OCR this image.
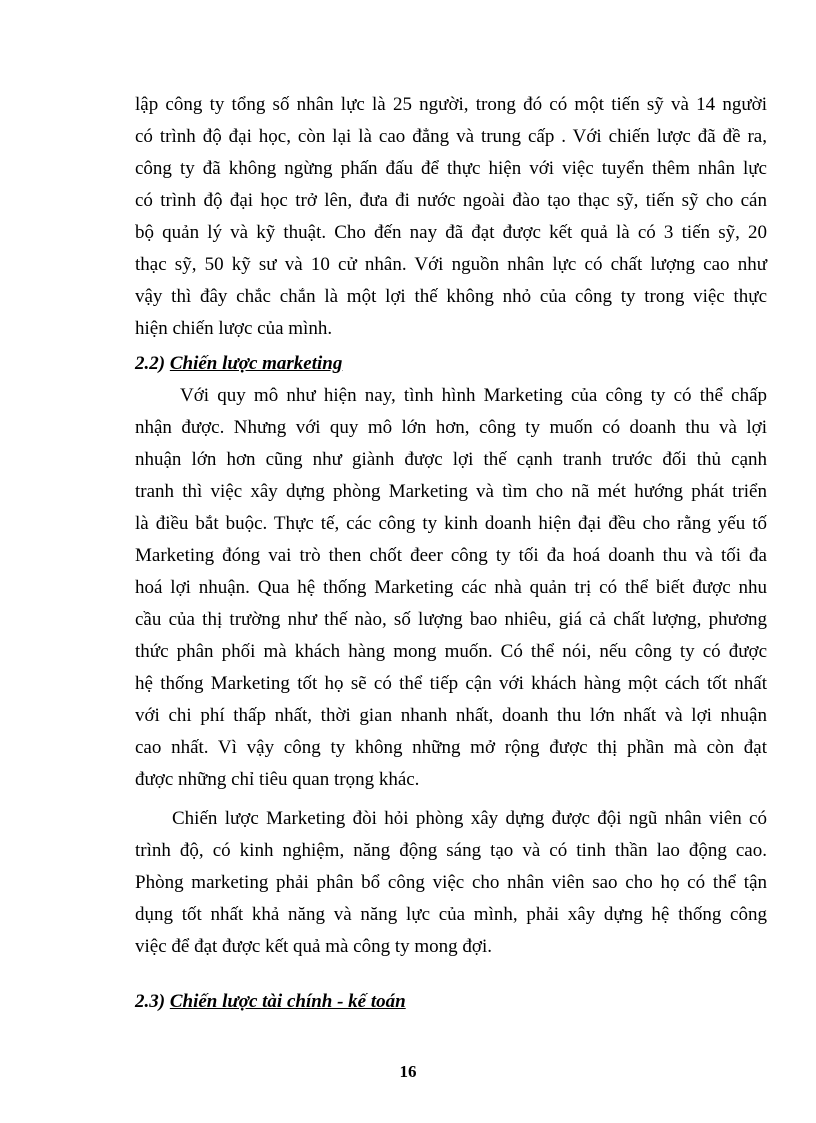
lập công ty tổng số nhân lực là 25 người, trong đó có một tiến sỹ và 14 người
có trình độ đại học, còn lại là cao đẳng và trung cấp . Với chiến lược đã đề ra,
công ty đã không ngừng phấn đấu để thực hiện với việc tuyển thêm nhân lực
có trình độ đại học trở lên, đưa đi nước ngoài đào tạo thạc sỹ, tiến sỹ cho cán
bộ quản lý và kỹ thuật. Cho đến nay đã đạt được kết quả là có 3 tiến sỹ, 20
thạc sỹ, 50 kỹ sư và 10 cử nhân. Với nguồn nhân lực có chất lượng cao như
vậy thì đây chắc chắn là một lợi thế không nhỏ của công ty trong việc thực
hiện chiến lược của mình.
2.2) Chiến lược marketing
Với quy mô như hiện nay, tình hình Marketing của công ty có thể chấp
nhận được. Nhưng với quy mô lớn hơn, công ty muốn có doanh thu và lợi
nhuận lớn hơn cũng như giành được lợi thế cạnh tranh trước đối thủ cạnh
tranh thì việc xây dựng phòng Marketing và tìm cho nã mét hướng phát triển
là điều bắt buộc. Thực tế, các công ty kinh doanh hiện đại đều cho rằng yếu tố
Marketing đóng vai trò then chốt đeer công ty tối đa hoá doanh thu và tối đa
hoá lợi nhuận. Qua hệ thống Marketing các nhà quản trị có thể biết được nhu
cầu của thị trường như thế nào, số lượng bao nhiêu, giá cả chất lượng, phương
thức phân phối mà khách hàng mong muốn. Có thể nói, nếu công ty có được
hệ thống Marketing tốt họ sẽ có thể tiếp cận với khách hàng một cách tốt nhất
với chi phí thấp nhất, thời gian nhanh nhất, doanh thu lớn nhất và lợi nhuận
cao nhất. Vì vậy công ty không những mở rộng được thị phần mà còn đạt
được những chỉ tiêu quan trọng khác.
Chiến lược Marketing đòi hỏi phòng xây dựng được đội ngũ nhân viên có
trình độ, có kinh nghiệm, năng động sáng tạo và có tinh thần lao động cao.
Phòng marketing phải phân bổ công việc cho nhân viên sao cho họ có thể tận
dụng tốt nhất khả năng và năng lực của mình, phải xây dựng hệ thống công
việc để đạt được kết quả mà công ty mong đợi.
2.3) Chiến lược tài chính - kế toán
16
